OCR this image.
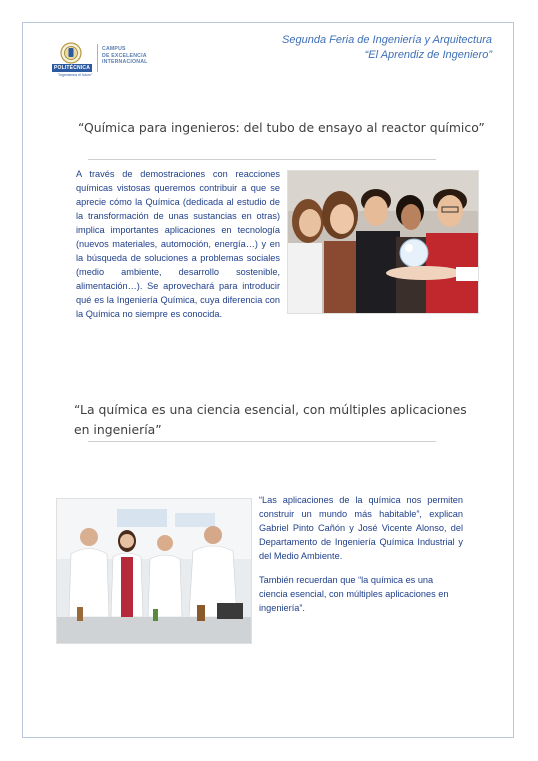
Segunda Feria de Ingeniería y Arquitectura
“El Aprendiz de Ingeniero”
POLITÉCNICA
"Ingeniamos el futuro"
CAMPUS
DE EXCELENCIA
INTERNACIONAL
“Química para ingenieros: del tubo de ensayo al reactor químico”

A través de demostraciones con reacciones químicas vistosas queremos contribuir a que se aprecie cómo la Química (dedicada al estudio de la transformación de unas sustancias en otras) implica importantes aplicaciones en tecnología (nuevos materiales, automoción, energía…) y en la búsqueda de soluciones a problemas sociales (medio ambiente, desarrollo sostenible, alimentación…). Se aprovechará para introducir qué es la Ingeniería Química, cuya diferencia con la Química no siempre es conocida.

“La química es una ciencia esencial, con múltiples aplicaciones en ingeniería”

“Las aplicaciones de la química nos permiten construir un mundo más habitable”, explican Gabriel Pinto Cañón y José Vicente Alonso, del Departamento de Ingeniería Química Industrial y del Medio Ambiente.

También recuerdan que “la química es una ciencia esencial, con múltiples aplicaciones en ingeniería”.
